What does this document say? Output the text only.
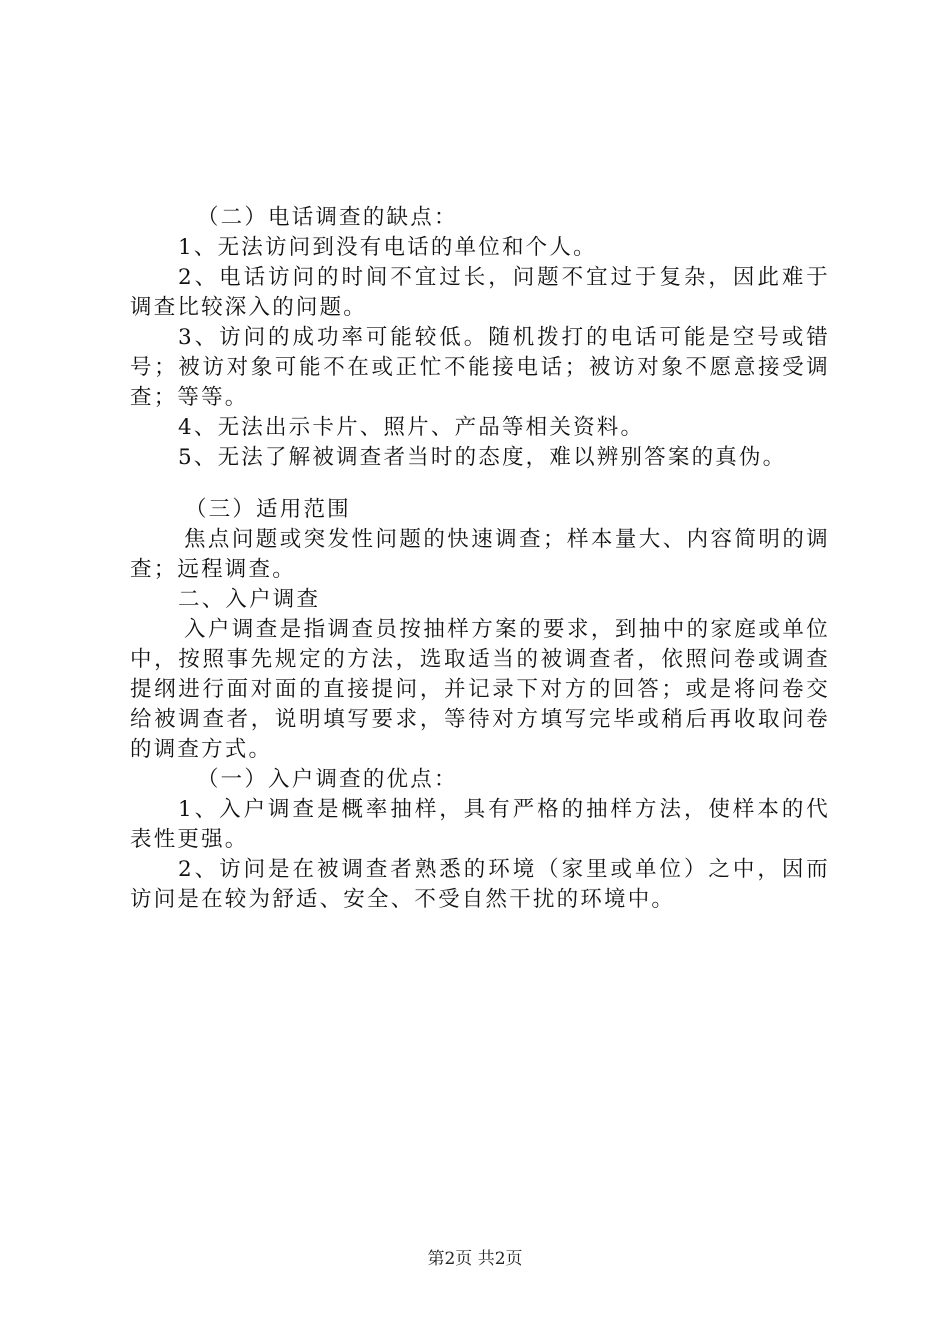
　（二）电话调查的缺点：

1、无法访问到没有电话的单位和个人。

2、电话访问的时间不宜过长，问题不宜过于复杂，因此难于调查比较深入的问题。

3、访问的成功率可能较低。随机拨打的电话可能是空号或错号；被访对象可能不在或正忙不能接电话；被访对象不愿意接受调查；等等。

4、无法出示卡片、照片、产品等相关资料。

5、无法了解被调查者当时的态度，难以辨别答案的真伪。

　（三）适用范围

焦点问题或突发性问题的快速调查；样本量大、内容简明的调查；远程调查。

二、入户调查

入户调查是指调查员按抽样方案的要求，到抽中的家庭或单位中，按照事先规定的方法，选取适当的被调查者，依照问卷或调查提纲进行面对面的直接提问，并记录下对方的回答；或是将问卷交给被调查者，说明填写要求，等待对方填写完毕或稍后再收取问卷的调查方式。

　（一）入户调查的优点：

1、入户调查是概率抽样，具有严格的抽样方法，使样本的代表性更强。

2、访问是在被调查者熟悉的环境（家里或单位）之中，因而访问是在较为舒适、安全、不受自然干扰的环境中。

第2页 共2页
